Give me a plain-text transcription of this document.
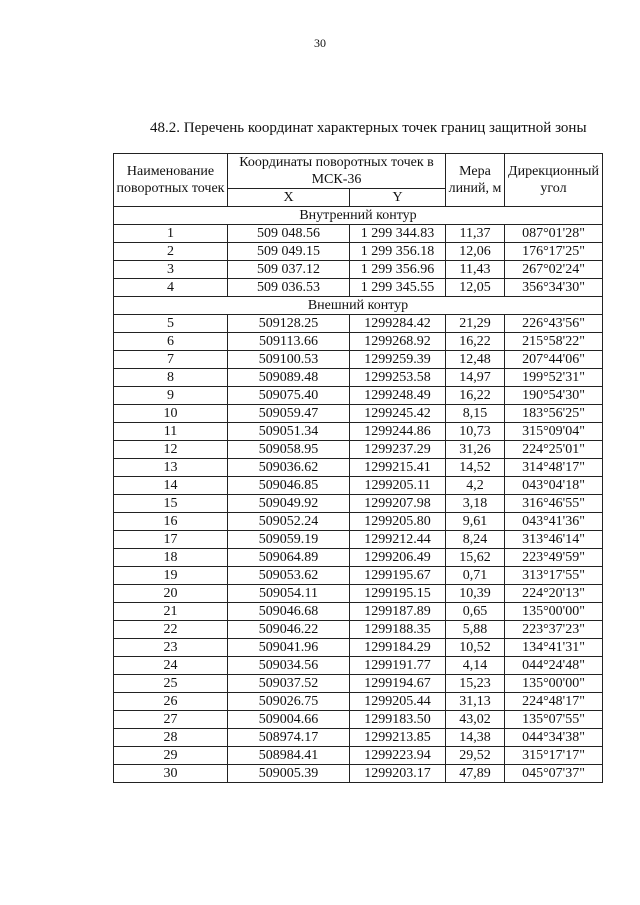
30
48.2. Перечень координат характерных точек границ защитной зоны
Наименование поворотных точек	Координаты поворотных точек в МСК-36		Мера линий, м	Дирекционный угол
	X	Y		
Внутренний контур				
1	509 048.56	1 299 344.83	11,37	087°01'28"
2	509 049.15	1 299 356.18	12,06	176°17'25"
3	509 037.12	1 299 356.96	11,43	267°02'24"
4	509 036.53	1 299 345.55	12,05	356°34'30"
Внешний контур				
5	509128.25	1299284.42	21,29	226°43'56"
6	509113.66	1299268.92	16,22	215°58'22"
7	509100.53	1299259.39	12,48	207°44'06"
8	509089.48	1299253.58	14,97	199°52'31"
9	509075.40	1299248.49	16,22	190°54'30"
10	509059.47	1299245.42	8,15	183°56'25"
11	509051.34	1299244.86	10,73	315°09'04"
12	509058.95	1299237.29	31,26	224°25'01"
13	509036.62	1299215.41	14,52	314°48'17"
14	509046.85	1299205.11	4,2	043°04'18"
15	509049.92	1299207.98	3,18	316°46'55"
16	509052.24	1299205.80	9,61	043°41'36"
17	509059.19	1299212.44	8,24	313°46'14"
18	509064.89	1299206.49	15,62	223°49'59"
19	509053.62	1299195.67	0,71	313°17'55"
20	509054.11	1299195.15	10,39	224°20'13"
21	509046.68	1299187.89	0,65	135°00'00"
22	509046.22	1299188.35	5,88	223°37'23"
23	509041.96	1299184.29	10,52	134°41'31"
24	509034.56	1299191.77	4,14	044°24'48"
25	509037.52	1299194.67	15,23	135°00'00"
26	509026.75	1299205.44	31,13	224°48'17"
27	509004.66	1299183.50	43,02	135°07'55"
28	508974.17	1299213.85	14,38	044°34'38"
29	508984.41	1299223.94	29,52	315°17'17"
30	509005.39	1299203.17	47,89	045°07'37"
